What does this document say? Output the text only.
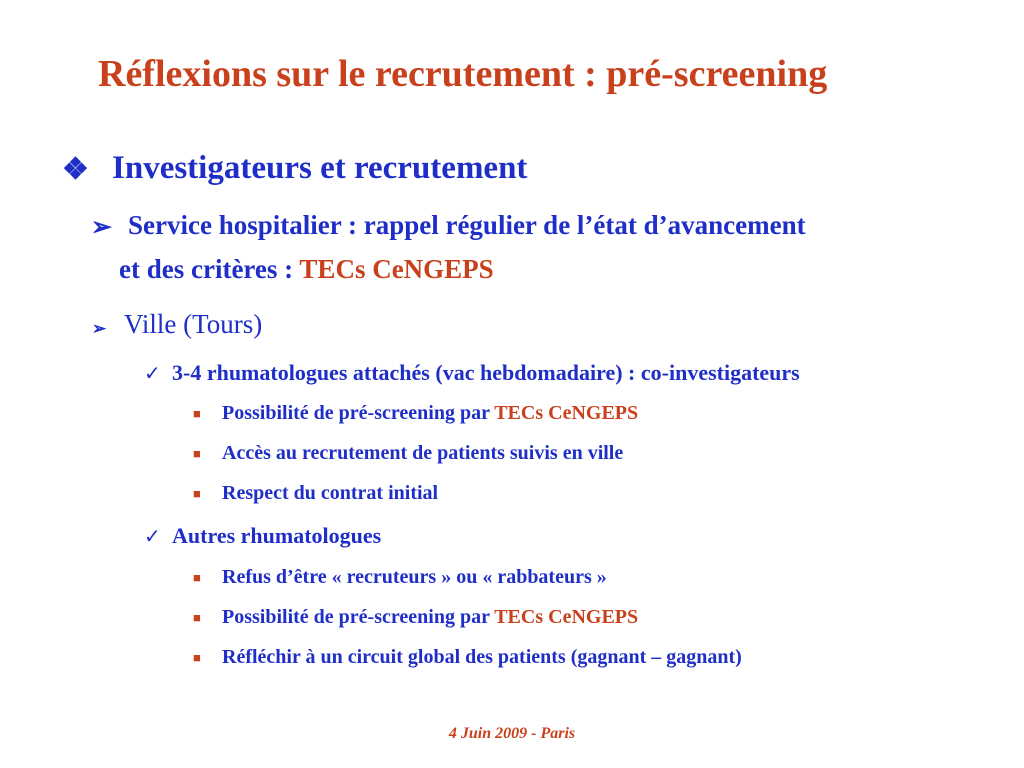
Réflexions sur le recrutement : pré-screening
❖ Investigateurs et recrutement
➢ Service hospitalier : rappel régulier de l’état d’avancement
et des critères : TECs CeNGEPS
➢ Ville (Tours)
✓ 3-4 rhumatologues attachés (vac hebdomadaire) : co-investigateurs
■ Possibilité de pré-screening par TECs CeNGEPS
■ Accès au recrutement de patients suivis en ville
■ Respect du contrat initial
✓ Autres rhumatologues
■ Refus d’être « recruteurs » ou « rabbateurs »
■ Possibilité de pré-screening par TECs CeNGEPS
■ Réfléchir à un circuit global des patients (gagnant – gagnant)
4 Juin 2009 - Paris
